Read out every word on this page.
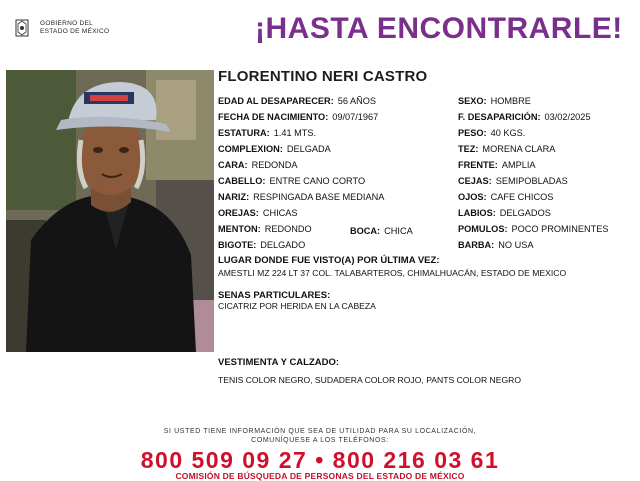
GOBIERNO DEL
ESTADO DE MÉXICO	¡HASTA ENCONTRARLE!
FLORENTINO NERI CASTRO
EDAD AL DESAPARECER: 56 AÑOS
FECHA DE NACIMIENTO: 09/07/1967
ESTATURA: 1.41 MTS.
COMPLEXION: DELGADA
CARA: REDONDA
CABELLO: ENTRE CANO CORTO
NARIZ: RESPINGADA BASE MEDIANA
OREJAS: CHICAS
MENTON: REDONDO	BOCA: CHICA
BIGOTE: DELGADO
SEXO: HOMBRE
F. DESAPARICIÓN: 03/02/2025
PESO: 40 KGS.
TEZ: MORENA CLARA
FRENTE: AMPLIA
CEJAS: SEMIPOBLADAS
OJOS: CAFE CHICOS
LABIOS: DELGADOS
POMULOS: POCO PROMINENTES
BARBA: NO USA
LUGAR DONDE FUE VISTO(A) POR ÚLTIMA VEZ:
AMESTLI MZ 224 LT 37 COL. TALABARTEROS, CHIMALHUACÁN, ESTADO DE MEXICO
SENAS PARTICULARES:
CICATRIZ POR HERIDA EN LA CABEZA
VESTIMENTA Y CALZADO:
TENIS COLOR NEGRO, SUDADERA COLOR ROJO, PANTS COLOR NEGRO
SI USTED TIENE INFORMACIÓN QUE SEA DE UTILIDAD PARA SU LOCALIZACIÓN,
COMUNÍQUESE A LOS TELÉFONOS:
800 509 09 27 • 800 216 03 61
COMISIÓN DE BÚSQUEDA DE PERSONAS DEL ESTADO DE MÉXICO
